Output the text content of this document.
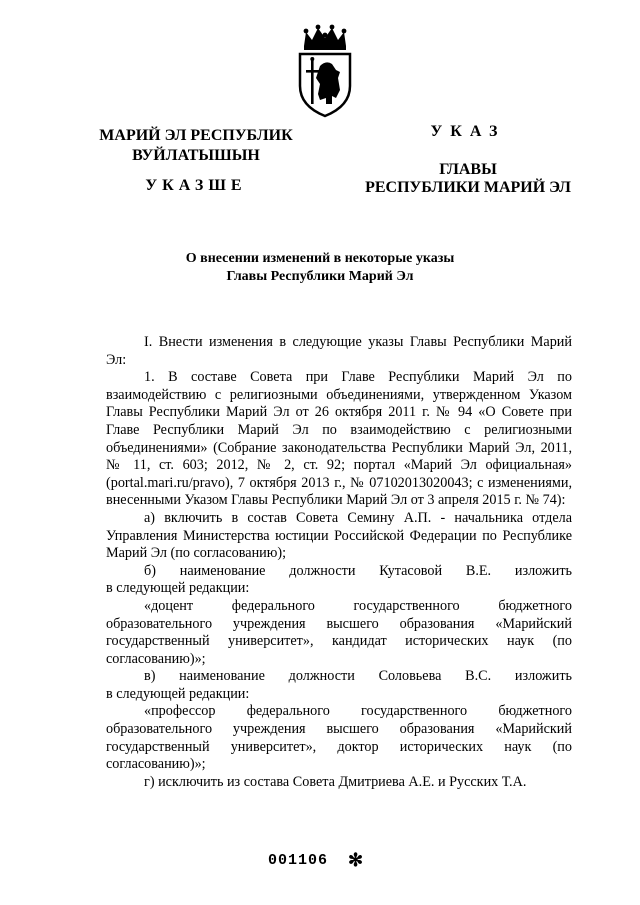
МАРИЙ ЭЛ РЕСПУБЛИК
ВУЙЛАТЫШЫН
УКАЗШЕ
УКАЗ
ГЛАВЫ
РЕСПУБЛИКИ МАРИЙ ЭЛ
О внесении изменений в некоторые указы
Главы Республики Марий Эл

I. Внести изменения в следующие указы Главы Республики Марий Эл:

1. В составе Совета при Главе Республики Марий Эл по взаимодействию с религиозными объединениями, утвержденном Указом Главы Республики Марий Эл от 26 октября 2011 г. № 94 «О Совете при Главе Республики Марий Эл по взаимодействию с религиозными объединениями» (Собрание законодательства Республики Марий Эл, 2011, № 11, ст. 603; 2012, № 2, ст. 92; портал «Марий Эл официальная» (portal.mari.ru/pravo), 7 октября 2013 г., № 07102013020043; с изменениями, внесенными Указом Главы Республики Марий Эл от 3 апреля 2015 г. № 74):

а) включить в состав Совета Семину А.П. - начальника отдела Управления Министерства юстиции Российской Федерации по Республике Марий Эл (по согласованию);

б) наименование должности Кутасовой В.Е. изложить

в следующей редакции:

«доцент федерального государственного бюджетного образовательного учреждения высшего образования «Марийский государственный университет», кандидат исторических наук (по согласованию)»;

в) наименование должности Соловьева В.С. изложить

в следующей редакции:

«профессор федерального государственного бюджетного образовательного учреждения высшего образования «Марийский государственный университет», доктор исторических наук (по согласованию)»;

г) исключить из состава Совета Дмитриева А.Е. и Русских Т.А.

001106 ✻
